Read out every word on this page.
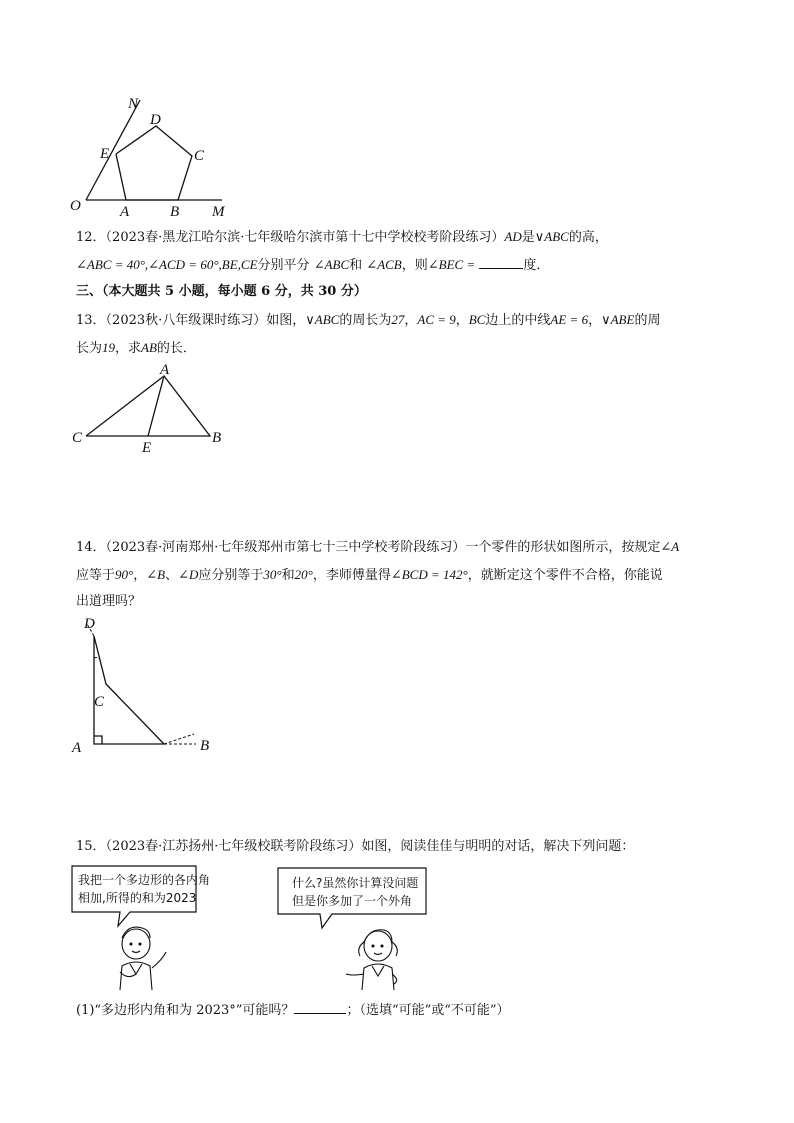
N
D
E	C
O	A	B M
12．（2023春·黑龙江哈尔滨·七年级哈尔滨市第十七中学校校考阶段练习）AD是∨ABC的高，
∠ABC = 40°,∠ACD = 60°,BE,CE分别平分 ∠ABC和 ∠ACB，则∠BEC =	度．
三、（本大题共 5 小题，每小题 6 分，共 30 分）
13．（2023秋·八年级课时练习）如图，∨ABC的周长为27，AC = 9，BC边上的中线AE = 6，∨ABE的周
长为19，求AB的长．
A
C
E
B
14．（2023春·河南郑州·七年级郑州市第七十三中学校考阶段练习）一个零件的形状如图所示，按规定∠A
应等于90°，∠B、∠D应分别等于30°和20°，李师傅量得∠BCD = 142°，就断定这个零件不合格，你能说
出道理吗？
D
C
A	B
15．（2023春·江苏扬州·七年级校联考阶段练习）如图，阅读佳佳与明明的对话，解决下列问题：
我把一个多边形的各内角
相加,所得的和为2023
什么?虽然你计算没问题
但是你多加了一个外角
(1)“多边形内角和为 2023°”可能吗？	；（选填“可能”或“不可能”）
